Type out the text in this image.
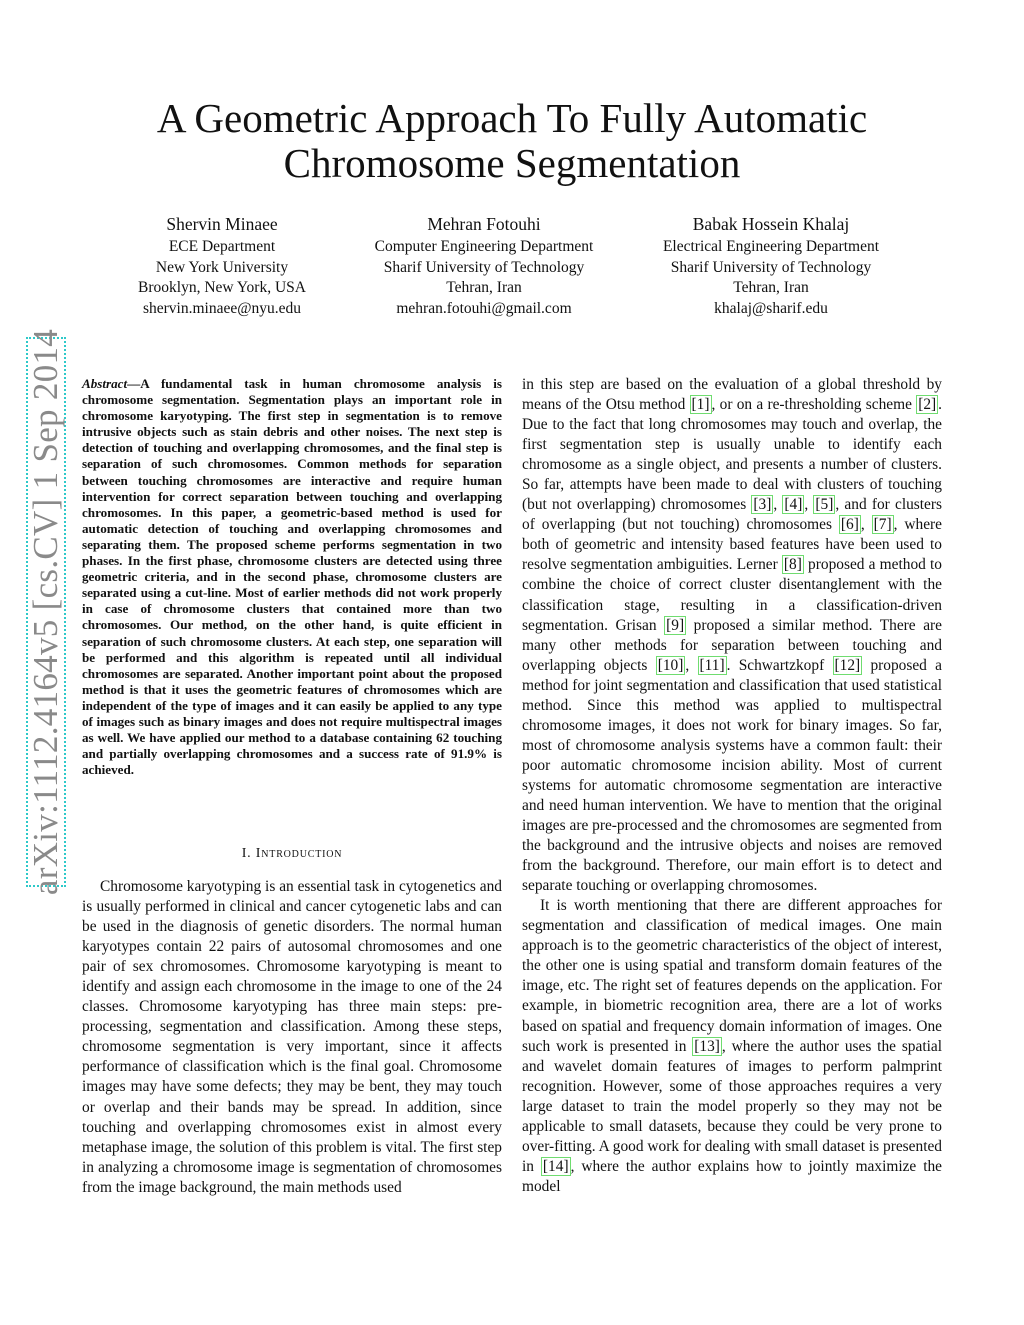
A Geometric Approach To Fully Automatic
Chromosome Segmentation
Shervin Minaee
ECE Department
New York University
Brooklyn, New York, USA
shervin.minaee@nyu.edu
Mehran Fotouhi
Computer Engineering Department
Sharif University of Technology
Tehran, Iran
mehran.fotouhi@gmail.com
Babak Hossein Khalaj
Electrical Engineering Department
Sharif University of Technology
Tehran, Iran
khalaj@sharif.edu
arXiv:1112.4164v5 [cs.CV] 1 Sep 2014 Abstract—A fundamental task in human chromosome analysis is chromosome segmentation. Segmentation plays an important role in chromosome karyotyping. The first step in segmentation is to remove intrusive objects such as stain debris and other noises. The next step is detection of touching and overlapping chromosomes, and the final step is separation of such chromosomes. Common methods for separation between touching chromosomes are interactive and require human intervention for correct separation between touching and overlapping chromosomes. In this paper, a geometric-based method is used for automatic detection of touching and overlapping chromosomes and separating them. The proposed scheme performs segmentation in two phases. In the first phase, chromosome clusters are detected using three geometric criteria, and in the second phase, chromosome clusters are separated using a cut-line. Most of earlier methods did not work properly in case of chromosome clusters that contained more than two chromosomes. Our method, on the other hand, is quite efficient in separation of such chromosome clusters. At each step, one separation will be performed and this algorithm is repeated until all individual chromosomes are separated. Another important point about the proposed method is that it uses the geometric features of chromosomes which are independent of the type of images and it can easily be applied to any type of images such as binary images and does not require multispectral images as well. We have applied our method to a database containing 62 touching and partially overlapping chromosomes and a success rate of 91.9% is achieved.

I. Introduction

Chromosome karyotyping is an essential task in cytogenetics and is usually performed in clinical and cancer cytogenetic labs and can be used in the diagnosis of genetic disorders. The normal human karyotypes contain 22 pairs of autosomal chromosomes and one pair of sex chromosomes. Chromosome karyotyping is meant to identify and assign each chromosome in the image to one of the 24 classes. Chromosome karyotyping has three main steps: pre-processing, segmentation and classification. Among these steps, chromosome segmentation is very important, since it affects performance of classification which is the final goal. Chromosome images may have some defects; they may be bent, they may touch or overlap and their bands may be spread. In addition, since touching and overlapping chromosomes exist in almost every metaphase image, the solution of this problem is vital. The first step in analyzing a chromosome image is segmentation of chromosomes from the image background, the main methods used

in this step are based on the evaluation of a global threshold by means of the Otsu method [1] , or on a re-thresholding scheme [2] . Due to the fact that long chromosomes may touch and overlap, the first segmentation step is usually unable to identify each chromosome as a single object, and presents a number of clusters. So far, attempts have been made to deal with clusters of touching (but not overlapping) chromosomes [3] , [4] , [5] , and for clusters of overlapping (but not touching) chromosomes [6] , [7] , where both of geometric and intensity based features have been used to resolve segmentation ambiguities. Lerner [8] proposed a method to combine the choice of correct cluster disentanglement with the classification stage, resulting in a classification-driven segmentation. Grisan [9] proposed a similar method. There are many other methods for separation between touching and overlapping objects [10] , [11] . Schwartzkopf [12] proposed a method for joint segmentation and classification that used statistical method. Since this method was applied to multispectral chromosome images, it does not work for binary images. So far, most of chromosome analysis systems have a common fault: their poor automatic chromosome incision ability. Most of current systems for automatic chromosome segmentation are interactive and need human intervention. We have to mention that the original images are pre-processed and the chromosomes are segmented from the background and the intrusive objects and noises are removed from the background. Therefore, our main effort is to detect and separate touching or overlapping chromosomes.

It is worth mentioning that there are different approaches for segmentation and classification of medical images. One main approach is to the geometric characteristics of the object of interest, the other one is using spatial and transform domain features of the image, etc. The right set of features depends on the application. For example, in biometric recognition area, there are a lot of works based on spatial and frequency domain information of images. One such work is presented in [13] , where the author uses the spatial and wavelet domain features of images to perform palmprint recognition. However, some of those approaches requires a very large dataset to train the model properly so they may not be applicable to small datasets, because they could be very prone to over-fitting. A good work for dealing with small dataset is presented in [14] , where the author explains how to jointly maximize the model
